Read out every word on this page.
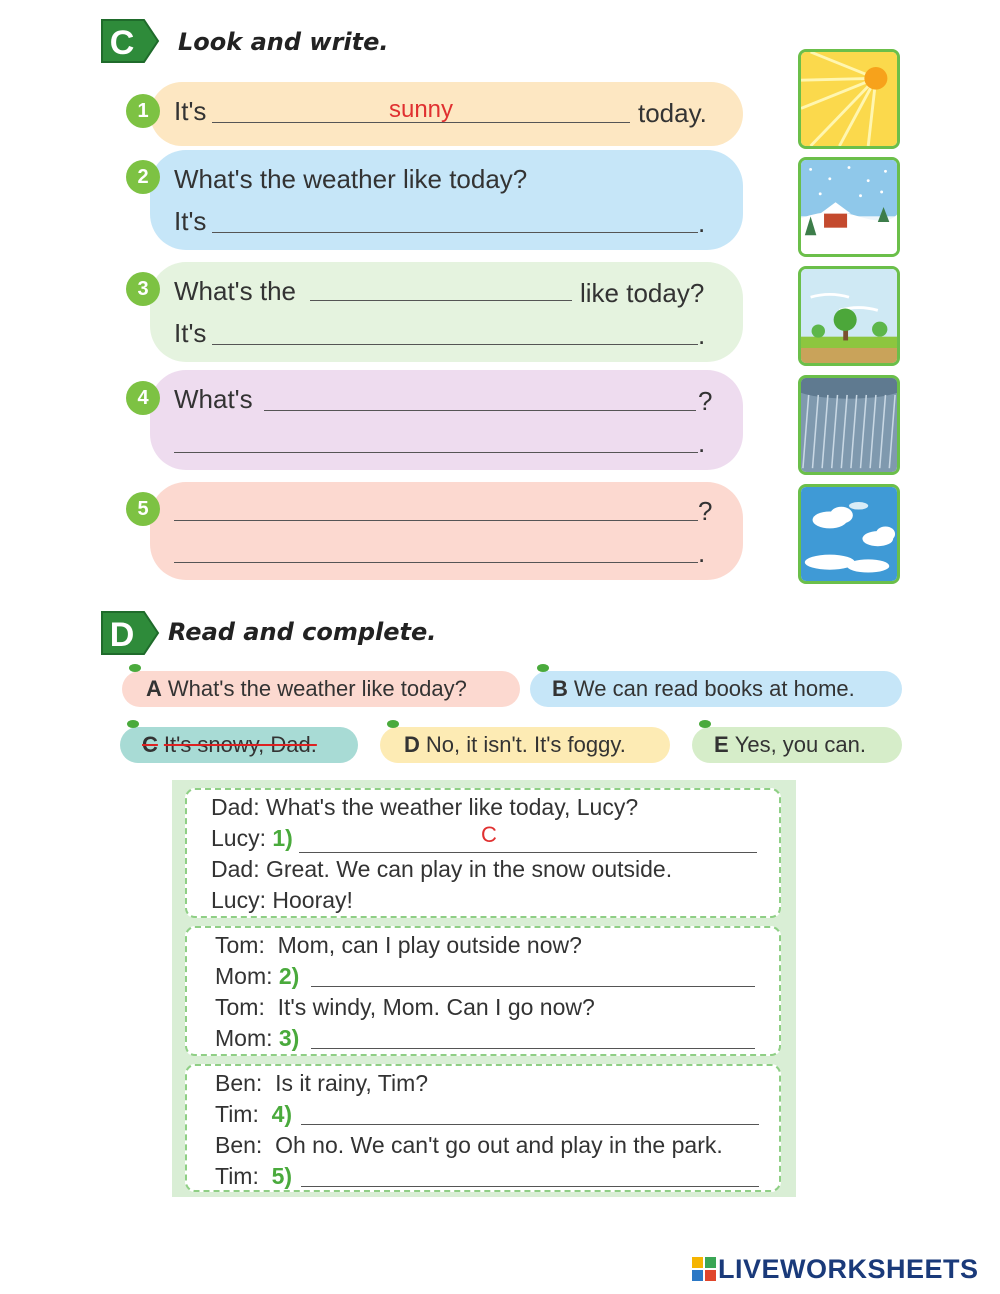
C Look and write.
1 It's	sunny	today.
2 What's the weather like today?
It's	.
3 What's the	like today?
It's	.
4 What's	?
.
5	?
.
D Read and complete.
A What's the weather like today?	B We can read books at home.
C It's snowy, Dad.	D No, it isn't. It's foggy.	E Yes, you can.
Dad: What's the weather like today, Lucy?
Lucy: 1)	C
Dad: Great. We can play in the snow outside.
Lucy: Hooray!
Tom: Mom, can I play outside now?
Mom: 2)
Tom: It's windy, Mom. Can I go now?
Mom: 3)
Ben: Is it rainy, Tim?
Tim: 4)
Ben: Oh no. We can't go out and play in the park.
Tim: 5)
LIVEWORKSHEETS
